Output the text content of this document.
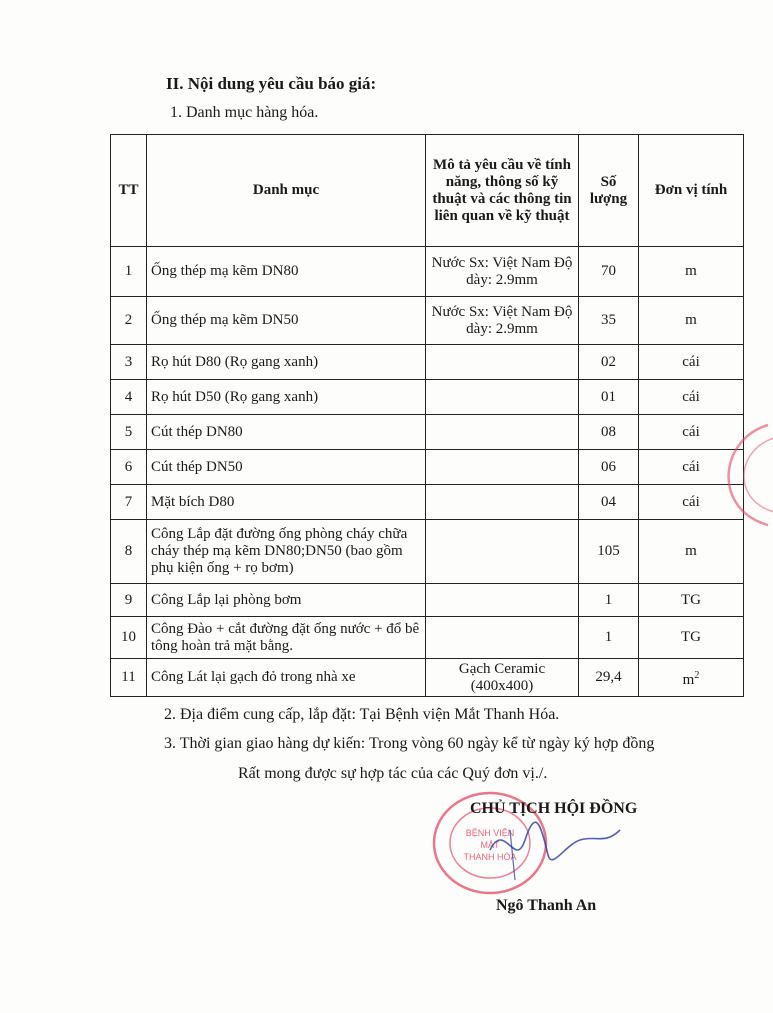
II. Nội dung yêu cầu báo giá:
1. Danh mục hàng hóa.
TT	Danh mục	Mô tả yêu cầu về tính năng, thông số kỹ thuật và các thông tin liên quan về kỹ thuật	Số lượng	Đơn vị tính
1	Ống thép mạ kẽm DN80	Nước Sx: Việt Nam Độ dày: 2.9mm	70	m
2	Ống thép mạ kẽm DN50	Nước Sx: Việt Nam Độ dày: 2.9mm	35	m
3	Rọ hút D80 (Rọ gang xanh)		02	cái
4	Rọ hút D50 (Rọ gang xanh)		01	cái
5	Cút thép DN80		08	cái
6	Cút thép DN50		06	cái
7	Mặt bích D80		04	cái
8	Công Lắp đặt đường ống phòng cháy chữa cháy thép mạ kẽm DN80;DN50 (bao gồm phụ kiện ống + rọ bơm)		105	m
9	Công Lắp lại phòng bơm		1	TG
10	Công Đào + cắt đường đặt ống nước + đổ bê tông hoàn trả mặt bằng.		1	TG
11	Công Lát lại gạch đỏ trong nhà xe	Gạch Ceramic (400x400)	29,4	$m^2$
2. Địa điểm cung cấp, lắp đặt: Tại Bệnh viện Mắt Thanh Hóa.
3. Thời gian giao hàng dự kiến: Trong vòng 60 ngày kể từ ngày ký hợp đồng
Rất mong được sự hợp tác của các Quý đơn vị./.
BỆNH VIỆN
MẮT
THANH HÓA
CHỦ TỊCH HỘI ĐỒNG
Ngô Thanh An
